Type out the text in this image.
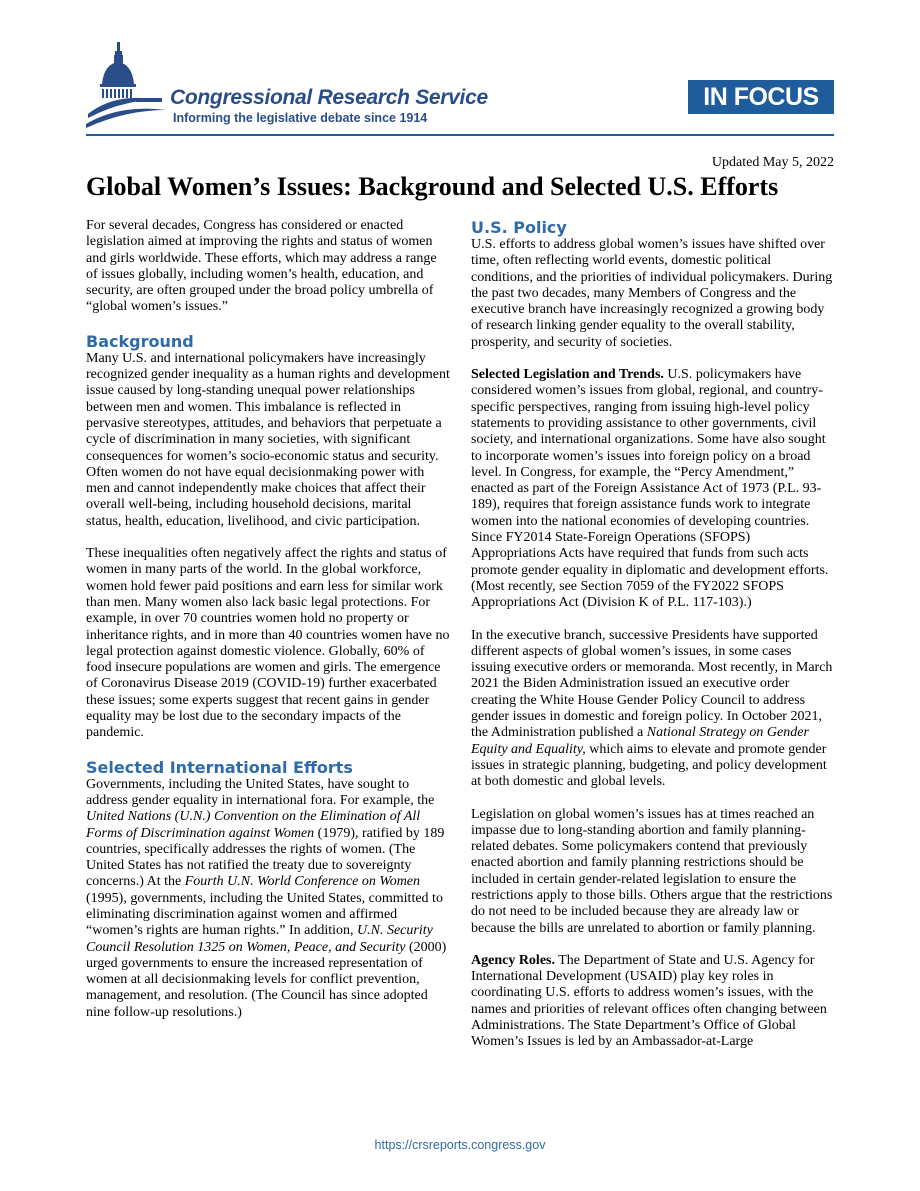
Congressional Research Service
Informing the legislative debate since 1914
IN FOCUS
Updated May 5, 2022
Global Women’s Issues: Background and Selected U.S. Efforts

For several decades, Congress has considered or enacted legislation aimed at improving the rights and status of women and girls worldwide. These efforts, which may address a range of issues globally, including women’s health, education, and security, are often grouped under the broad policy umbrella of “global women’s issues.”

Background

Many U.S. and international policymakers have increasingly recognized gender inequality as a human rights and development issue caused by long-standing unequal power relationships between men and women. This imbalance is reflected in pervasive stereotypes, attitudes, and behaviors that perpetuate a cycle of discrimination in many societies, with significant consequences for women’s socio-economic status and security. Often women do not have equal decisionmaking power with men and cannot independently make choices that affect their overall well-being, including household decisions, marital status, health, education, livelihood, and civic participation.

These inequalities often negatively affect the rights and status of women in many parts of the world. In the global workforce, women hold fewer paid positions and earn less for similar work than men. Many women also lack basic legal protections. For example, in over 70 countries women hold no property or inheritance rights, and in more than 40 countries women have no legal protection against domestic violence. Globally, 60% of food insecure populations are women and girls. The emergence of Coronavirus Disease 2019 (COVID-19) further exacerbated these issues; some experts suggest that recent gains in gender equality may be lost due to the secondary impacts of the pandemic.

Selected International Efforts

Governments, including the United States, have sought to address gender equality in international fora. For example, the United Nations (U.N.) Convention on the Elimination of All Forms of Discrimination against Women (1979), ratified by 189 countries, specifically addresses the rights of women. (The United States has not ratified the treaty due to sovereignty concerns.) At the Fourth U.N. World Conference on Women (1995), governments, including the United States, committed to eliminating discrimination against women and affirmed “women’s rights are human rights.” In addition, U.N. Security Council Resolution 1325 on Women, Peace, and Security (2000) urged governments to ensure the increased representation of women at all decisionmaking levels for conflict prevention, management, and resolution. (The Council has since adopted nine follow-up resolutions.)

U.S. Policy

U.S. efforts to address global women’s issues have shifted over time, often reflecting world events, domestic political conditions, and the priorities of individual policymakers. During the past two decades, many Members of Congress and the executive branch have increasingly recognized a growing body of research linking gender equality to the overall stability, prosperity, and security of societies.

Selected Legislation and Trends. U.S. policymakers have considered women’s issues from global, regional, and country-specific perspectives, ranging from issuing high-level policy statements to providing assistance to other governments, civil society, and international organizations. Some have also sought to incorporate women’s issues into foreign policy on a broad level. In Congress, for example, the “Percy Amendment,” enacted as part of the Foreign Assistance Act of 1973 (P.L. 93-189), requires that foreign assistance funds work to integrate women into the national economies of developing countries. Since FY2014 State-Foreign Operations (SFOPS) Appropriations Acts have required that funds from such acts promote gender equality in diplomatic and development efforts. (Most recently, see Section 7059 of the FY2022 SFOPS Appropriations Act (Division K of P.L. 117-103).)

In the executive branch, successive Presidents have supported different aspects of global women’s issues, in some cases issuing executive orders or memoranda. Most recently, in March 2021 the Biden Administration issued an executive order creating the White House Gender Policy Council to address gender issues in domestic and foreign policy. In October 2021, the Administration published a National Strategy on Gender Equity and Equality, which aims to elevate and promote gender issues in strategic planning, budgeting, and policy development at both domestic and global levels.

Legislation on global women’s issues has at times reached an impasse due to long-standing abortion and family planning-related debates. Some policymakers contend that previously enacted abortion and family planning restrictions should be included in certain gender-related legislation to ensure the restrictions apply to those bills. Others argue that the restrictions do not need to be included because they are already law or because the bills are unrelated to abortion or family planning.

Agency Roles. The Department of State and U.S. Agency for International Development (USAID) play key roles in coordinating U.S. efforts to address women’s issues, with the names and priorities of relevant offices often changing between Administrations. The State Department’s Office of Global Women’s Issues is led by an Ambassador-at-Large

https://crsreports.congress.gov
